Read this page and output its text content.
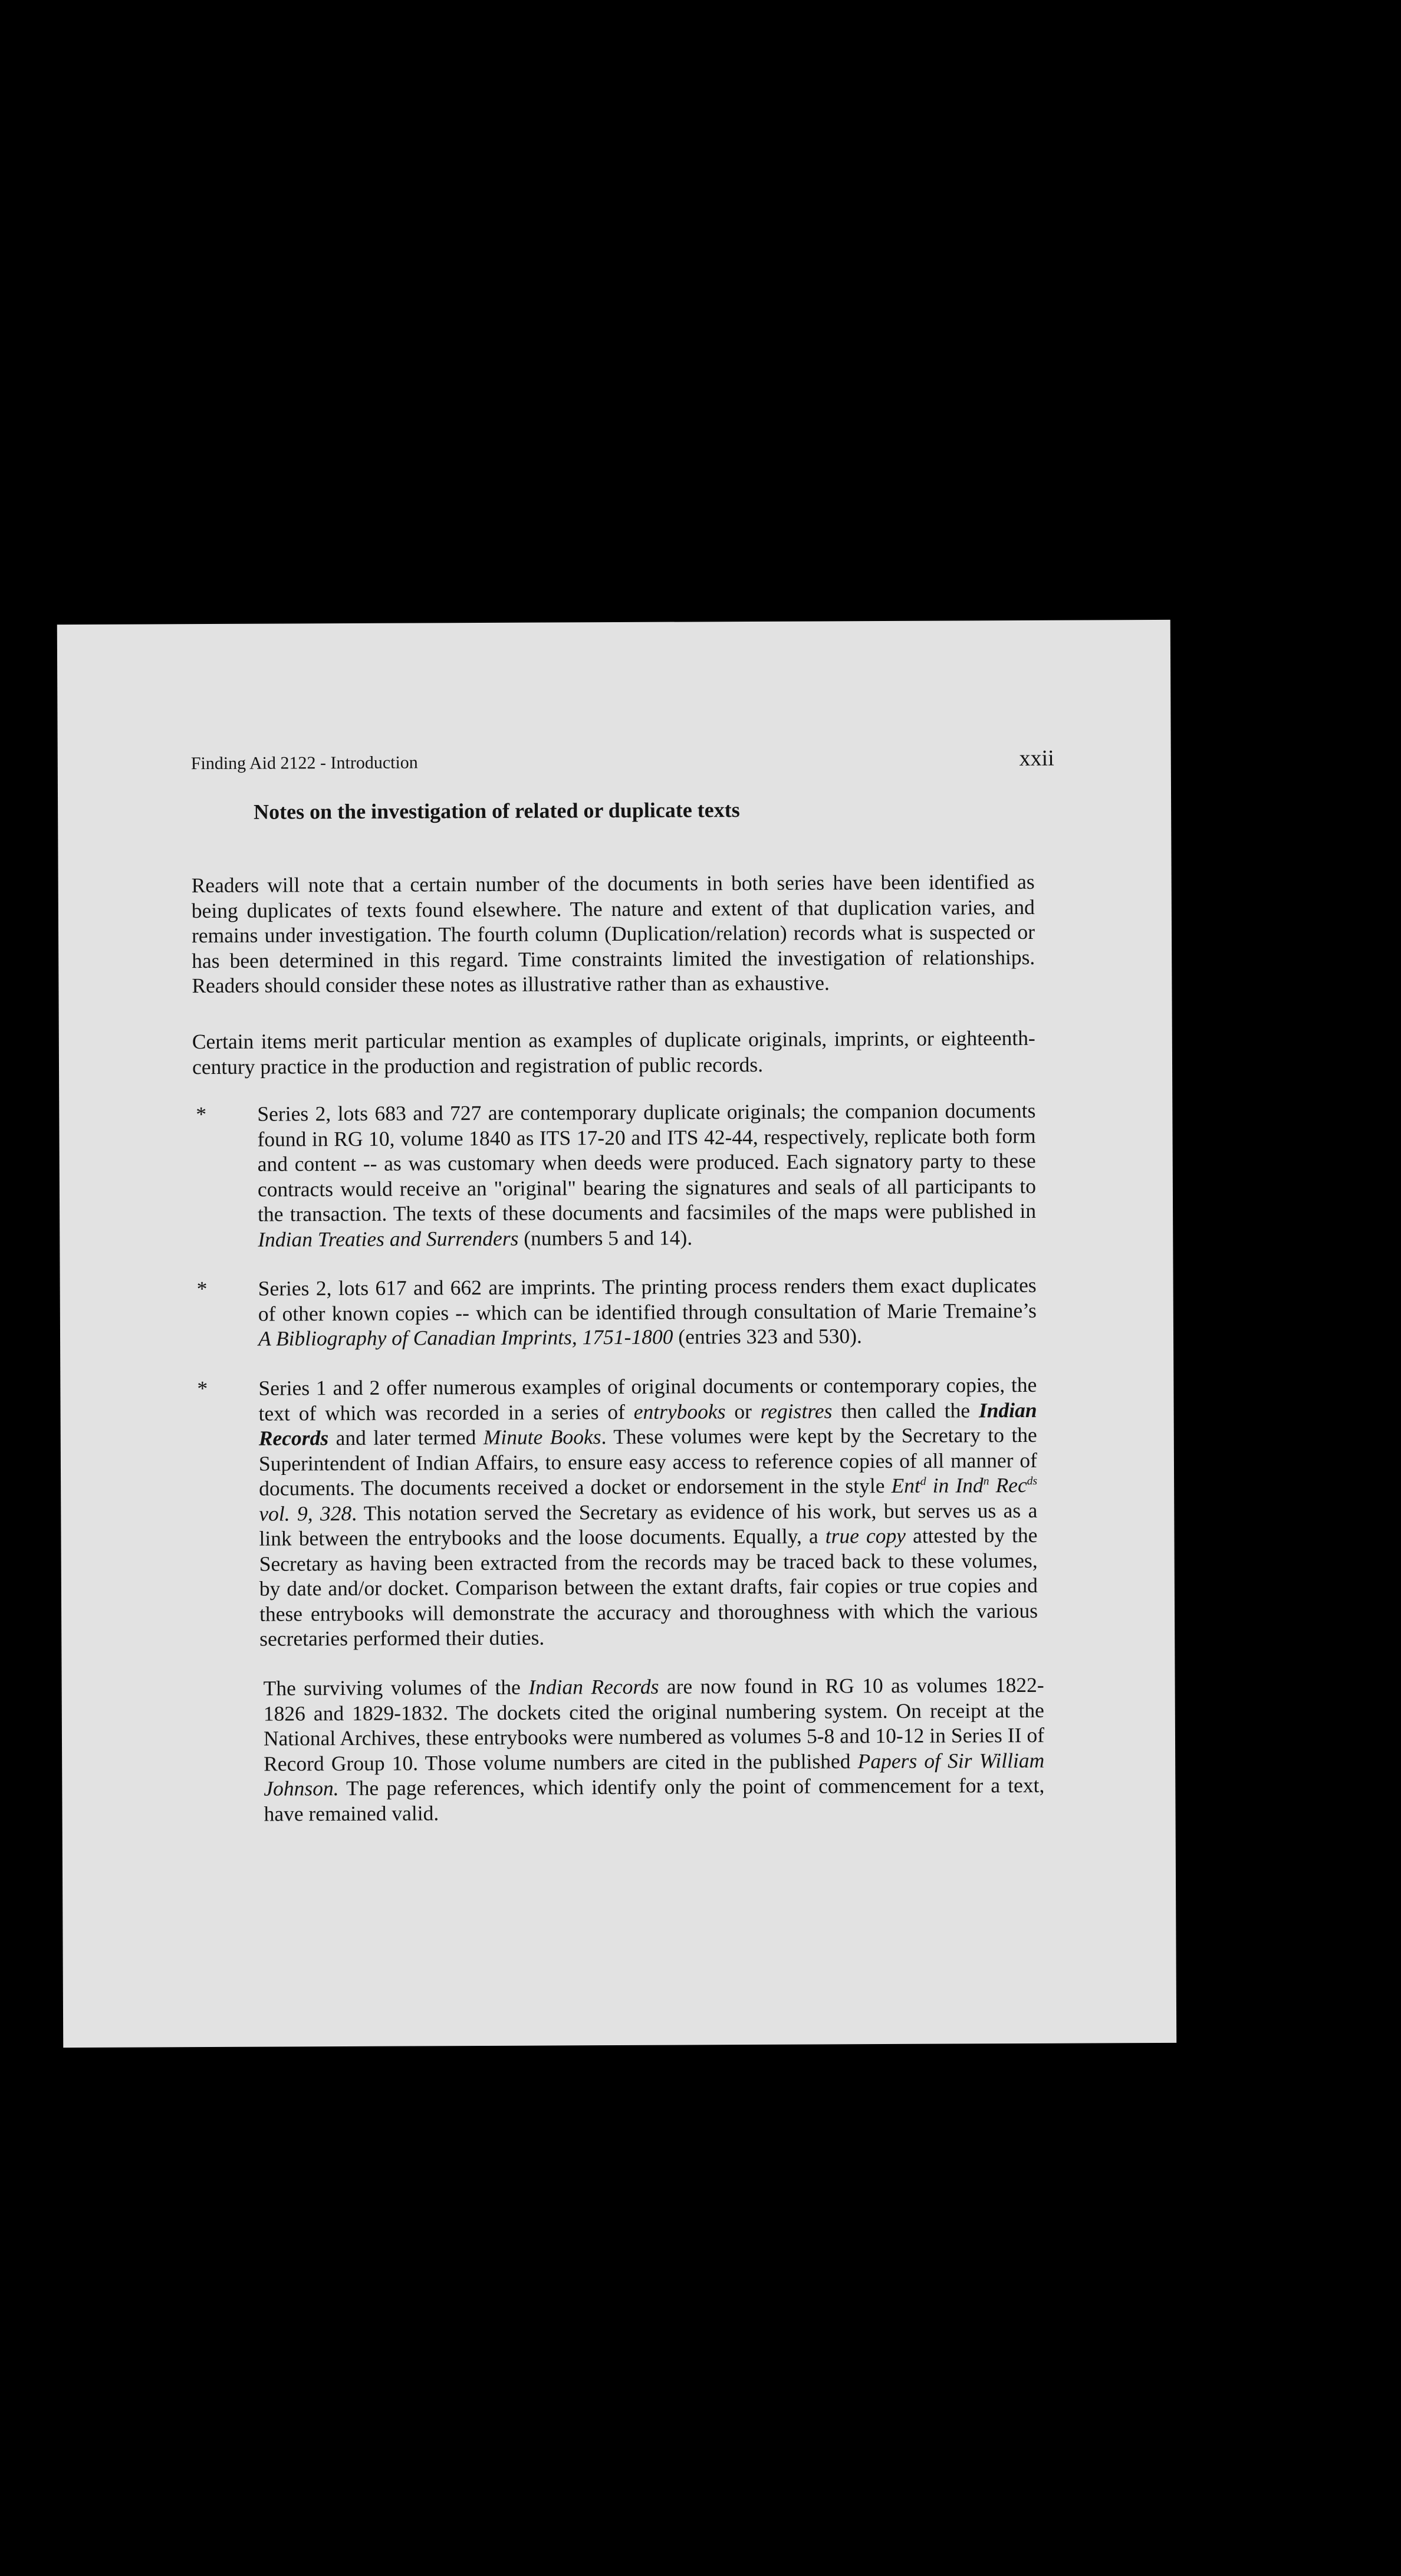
Finding Aid 2122 - Introduction	xxii
Notes on the investigation of related or duplicate texts
Readers will note that a certain number of the documents in both series have been identified as being duplicates of texts found elsewhere. The nature and extent of that duplication varies, and remains under investigation. The fourth column (Duplication/relation) records what is suspected or has been determined in this regard. Time constraints limited the investigation of relationships. Readers should consider these notes as illustrative rather than as exhaustive.
Certain items merit particular mention as examples of duplicate originals, imprints, or eighteenth-century practice in the production and registration of public records.
* Series 2, lots 683 and 727 are contemporary duplicate originals; the companion documents found in RG 10, volume 1840 as ITS 17-20 and ITS 42-44, respectively, replicate both form and content -- as was customary when deeds were produced. Each signatory party to these contracts would receive an "original" bearing the signatures and seals of all participants to the transaction. The texts of these documents and facsimiles of the maps were published in Indian Treaties and Surrenders (numbers 5 and 14).
* Series 2, lots 617 and 662 are imprints. The printing process renders them exact duplicates of other known copies -- which can be identified through consultation of Marie Tremaine’s A Bibliography of Canadian Imprints, 1751-1800 (entries 323 and 530).
* Series 1 and 2 offer numerous examples of original documents or contemporary copies, the text of which was recorded in a series of entrybooks or registres then called the Indian Records and later termed Minute Books. These volumes were kept by the Secretary to the Superintendent of Indian Affairs, to ensure easy access to reference copies of all manner of documents. The documents received a docket or endorsement in the style Ent$^d$ in Ind$^n$ Rec$^{ds}$ vol. 9, 328. This notation served the Secretary as evidence of his work, but serves us as a link between the entrybooks and the loose documents. Equally, a true copy attested by the Secretary as having been extracted from the records may be traced back to these volumes, by date and/or docket. Comparison between the extant drafts, fair copies or true copies and these entrybooks will demonstrate the accuracy and thoroughness with which the various secretaries performed their duties.
The surviving volumes of the Indian Records are now found in RG 10 as volumes 1822-1826 and 1829-1832. The dockets cited the original numbering system. On receipt at the National Archives, these entrybooks were numbered as volumes 5-8 and 10-12 in Series II of Record Group 10. Those volume numbers are cited in the published Papers of Sir William Johnson. The page references, which identify only the point of commencement for a text, have remained valid.
